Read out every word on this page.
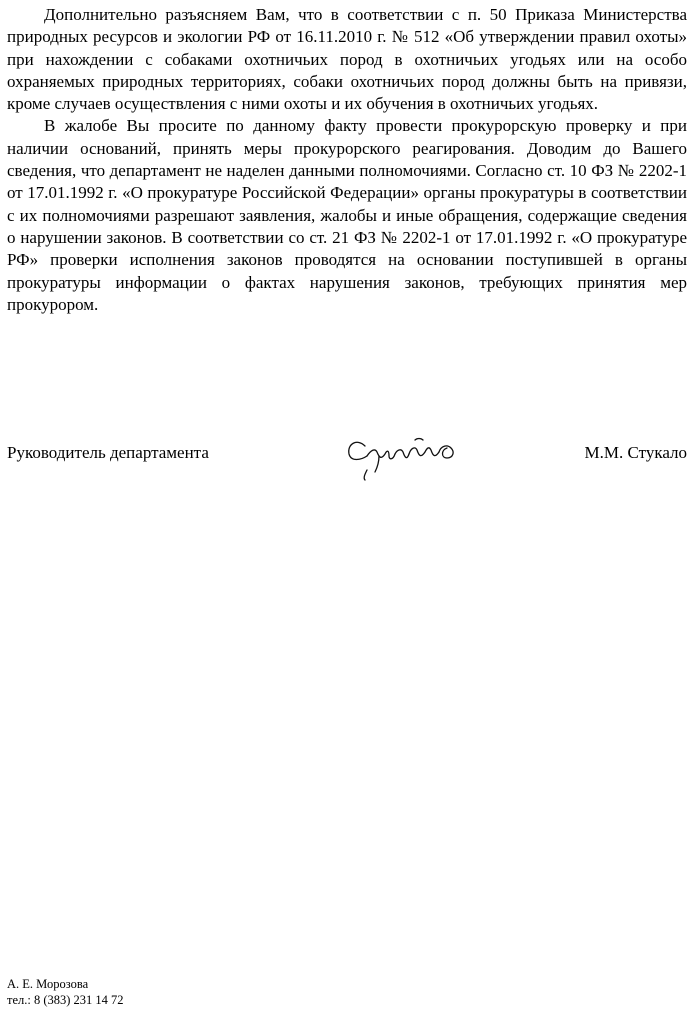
Дополнительно разъясняем Вам, что в соответствии с п. 50 Приказа Министерства природных ресурсов и экологии РФ от 16.11.2010 г. № 512 «Об утверждении правил охоты» при нахождении с собаками охотничьих пород в охотничьих угодьях или на особо охраняемых природных территориях, собаки охотничьих пород должны быть на привязи, кроме случаев осуществления с ними охоты и их обучения в охотничьих угодьях.

В жалобе Вы просите по данному факту провести прокурорскую проверку и при наличии оснований, принять меры прокурорского реагирования. Доводим до Вашего сведения, что департамент не наделен данными полномочиями. Согласно ст. 10 ФЗ № 2202-1 от 17.01.1992 г. «О прокуратуре Российской Федерации» органы прокуратуры в соответствии с их полномочиями разрешают заявления, жалобы и иные обращения, содержащие сведения о нарушении законов. В соответствии со ст. 21 ФЗ № 2202-1 от 17.01.1992 г. «О прокуратуре РФ» проверки исполнения законов проводятся на основании поступившей в органы прокуратуры информации о фактах нарушения законов, требующих принятия мер прокурором.

Руководитель департамента	М.М. Стукало
А. Е. Морозова
тел.: 8 (383) 231 14 72
